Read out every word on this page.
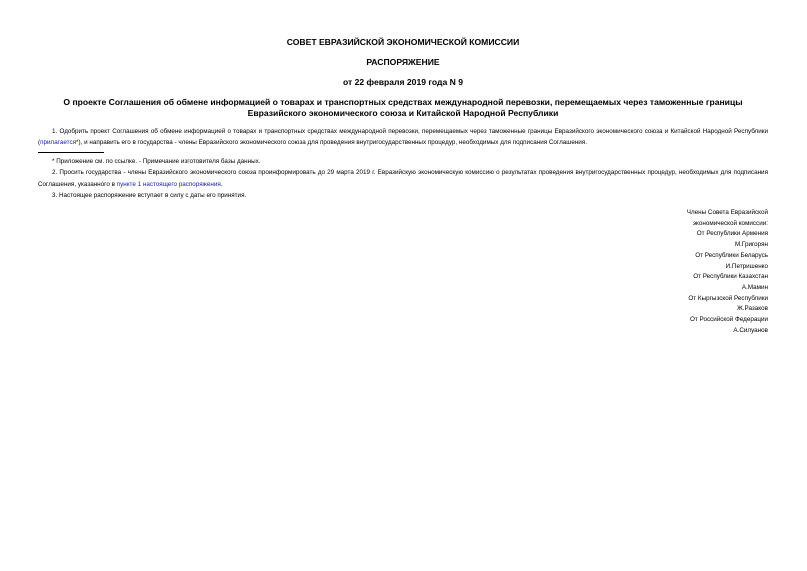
СОВЕТ ЕВРАЗИЙСКОЙ ЭКОНОМИЧЕСКОЙ КОМИССИИ
РАСПОРЯЖЕНИЕ
от 22 февраля 2019 года N 9
О проекте Соглашения об обмене информацией о товарах и транспортных средствах международной перевозки, перемещаемых через таможенные границы
Евразийского экономического союза и Китайской Народной Республики

1. Одобрить проект Соглашения об обмене информацией о товарах и транспортных средствах международной перевозки, перемещаемых через таможенные границы Евразийского экономического союза и Китайской Народной Республики (прилагается*), и направить его в государства - члены Евразийского экономического союза для проведения внутригосударственных процедур, необходимых для подписания Соглашения.

* Приложение см. по ссылке. - Примечание изготовителя базы данных.

2. Просить государства - члены Евразийского экономического союза проинформировать до 29 марта 2019 г. Евразийскую экономическую комиссию о результатах проведения внутригосударственных процедур, необходимых для подписания Соглашения, указанного в пункте 1 настоящего распоряжения.

3. Настоящее распоряжение вступает в силу с даты его принятия.

Члены Совета Евразийской
экономической комиссии:
От Республики Армения
М.Григорян
От Республики Беларусь
И.Петришенко
От Республики Казахстан
А.Мамин
От Кыргызской Республики
Ж.Разаков
От Российской Федерации
А.Силуанов
